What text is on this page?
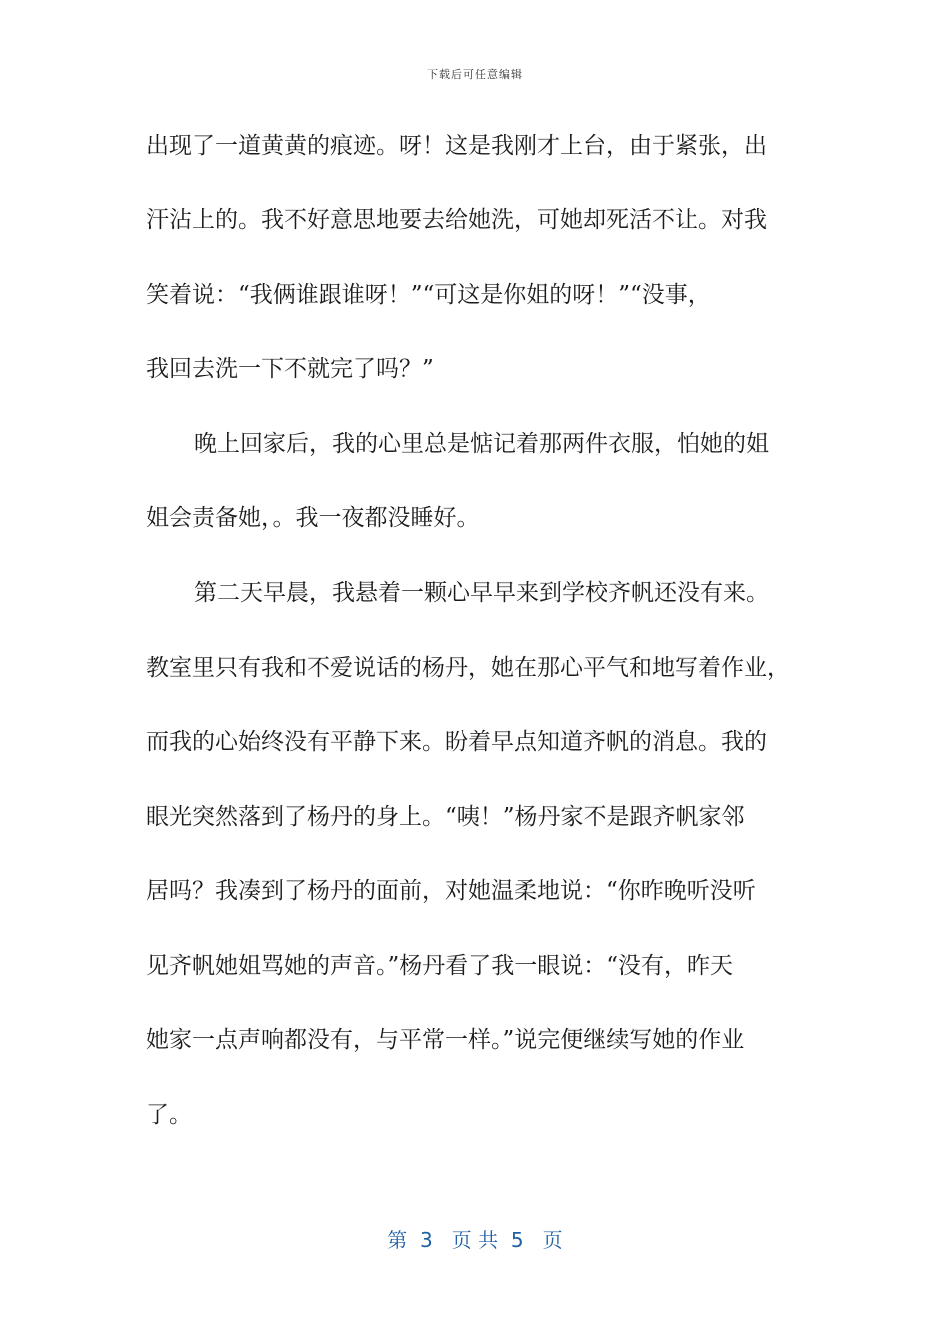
下载后可任意编辑
出现了一道黄黄的痕迹。呀！这是我刚才上台，由于紧张，出
汗沾上的。我不好意思地要去给她洗，可她却死活不让。对我
笑着说：“我俩谁跟谁呀！”“可这是你姐的呀！”“没事，
我回去洗一下不就完了吗？”
晚上回家后，我的心里总是惦记着那两件衣服，怕她的姐
姐会责备她，。我一夜都没睡好。
第二天早晨，我悬着一颗心早早来到学校齐帆还没有来。
教室里只有我和不爱说话的杨丹，她在那心平气和地写着作业，
而我的心始终没有平静下来。盼着早点知道齐帆的消息。我的
眼光突然落到了杨丹的身上。“咦！”杨丹家不是跟齐帆家邻
居吗？我凑到了杨丹的面前，对她温柔地说：“你昨晚听没听
见齐帆她姐骂她的声音。”杨丹看了我一眼说：“没有，昨天
她家一点声响都没有，与平常一样。”说完便继续写她的作业
了。
第  3   页 共  5   页
